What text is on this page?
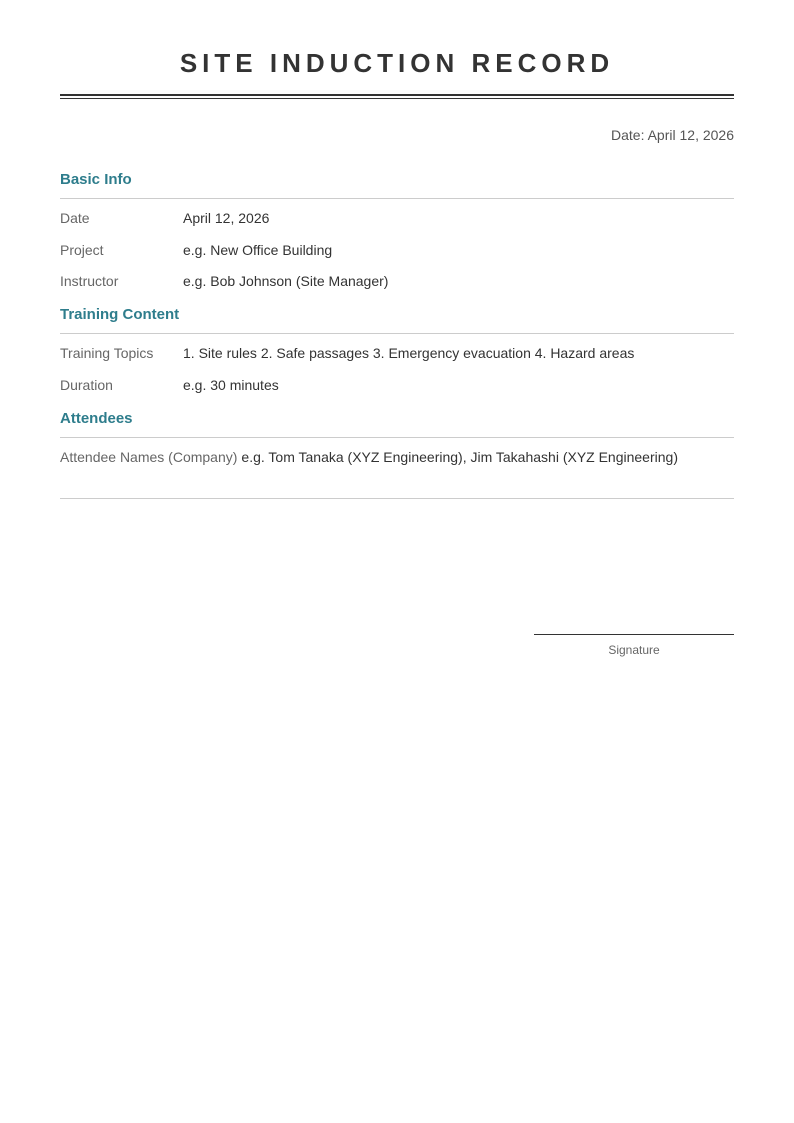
SITE INDUCTION RECORD
Date: April 12, 2026
Basic Info
Date	April 12, 2026
Project	e.g. New Office Building
Instructor	e.g. Bob Johnson (Site Manager)
Training Content
Training Topics	1. Site rules 2. Safe passages 3. Emergency evacuation 4. Hazard areas
Duration	e.g. 30 minutes
Attendees
Attendee Names (Company) e.g. Tom Tanaka (XYZ Engineering), Jim Takahashi (XYZ Engineering)
Signature
